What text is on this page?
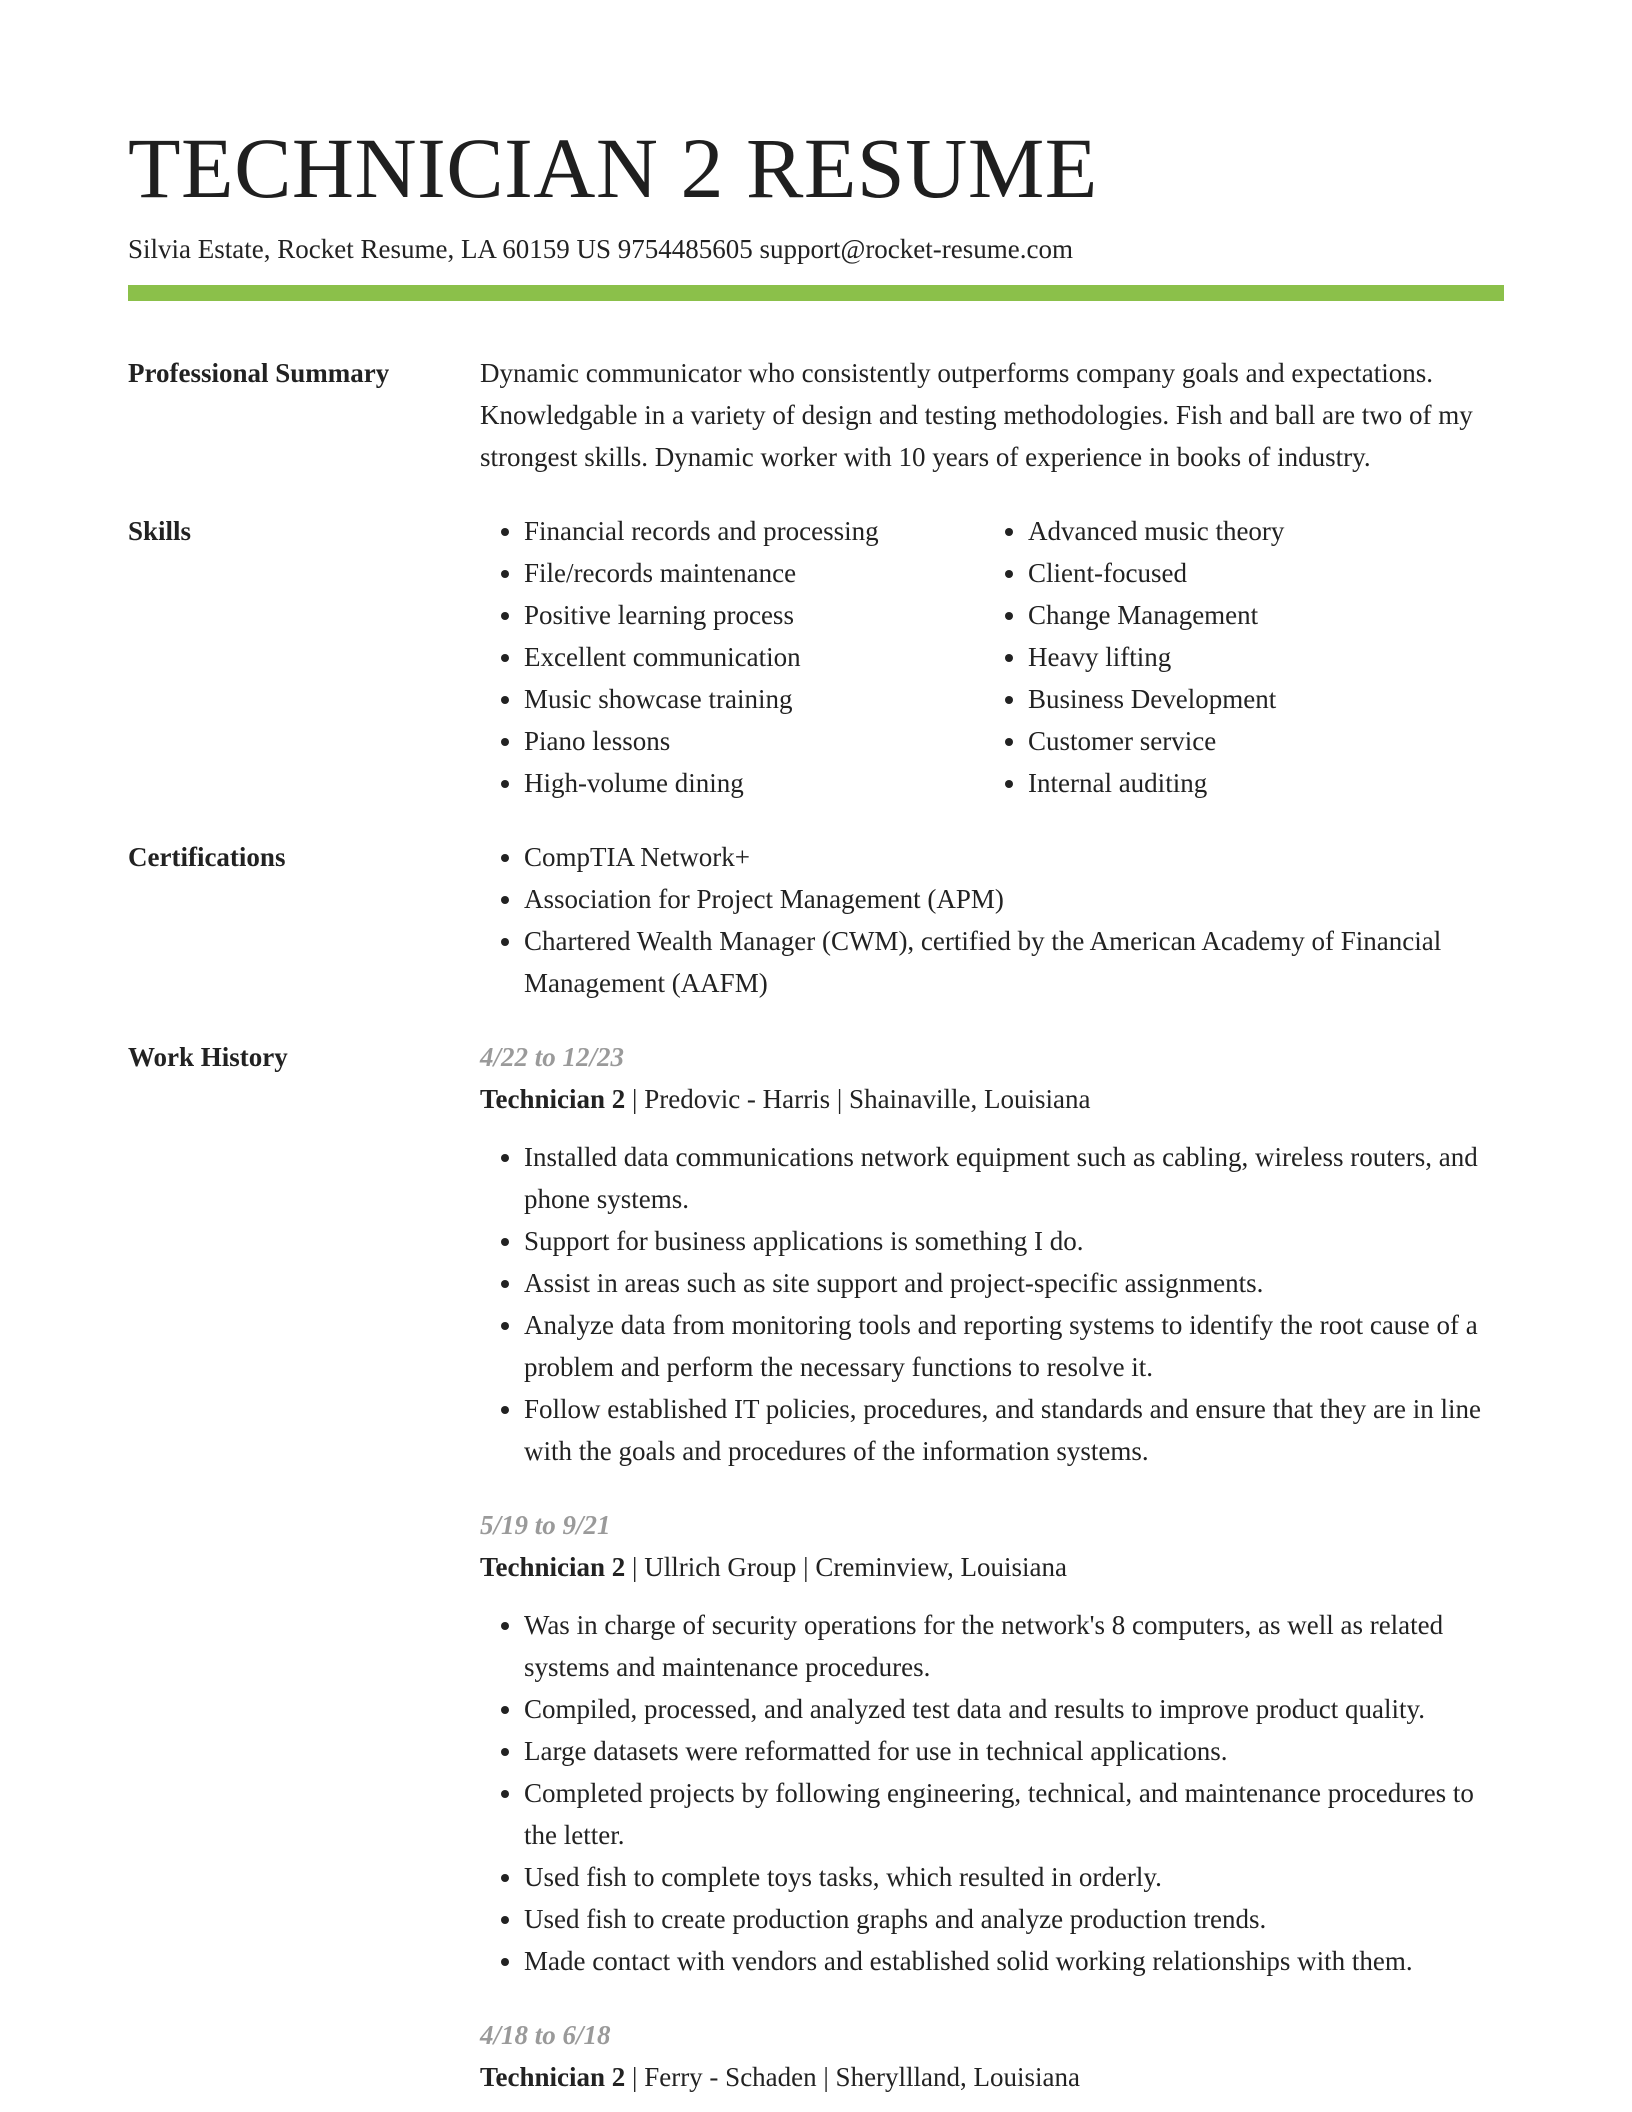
TECHNICIAN 2 RESUME
Silvia Estate, Rocket Resume, LA 60159 US 9754485605 support@rocket-resume.com
Professional Summary	Dynamic communicator who consistently outperforms company goals and expectations. Knowledgable in a variety of design and testing methodologies. Fish and ball are two of my strongest skills. Dynamic worker with 10 years of experience in books of industry.

Skills	• Financial records and processing
• File/records maintenance
• Positive learning process
• Excellent communication
• Music showcase training
• Piano lessons
• High-volume dining
• Advanced music theory
• Client-focused
• Change Management
• Heavy lifting
• Business Development
• Customer service
• Internal auditing
Certifications	• CompTIA Network+
• Association for Project Management (APM)
• Chartered Wealth Manager (CWM), certified by the American Academy of Financial Management (AAFM)
Work History	4/22 to 12/23
Technician 2 | Predovic - Harris | Shainaville, Louisiana
• Installed data communications network equipment such as cabling, wireless routers, and phone systems.
• Support for business applications is something I do.
• Assist in areas such as site support and project-specific assignments.
• Analyze data from monitoring tools and reporting systems to identify the root cause of a problem and perform the necessary functions to resolve it.
• Follow established IT policies, procedures, and standards and ensure that they are in line with the goals and procedures of the information systems.
5/19 to 9/21
Technician 2 | Ullrich Group | Creminview, Louisiana
• Was in charge of security operations for the network's 8 computers, as well as related systems and maintenance procedures.
• Compiled, processed, and analyzed test data and results to improve product quality.
• Large datasets were reformatted for use in technical applications.
• Completed projects by following engineering, technical, and maintenance procedures to the letter.
• Used fish to complete toys tasks, which resulted in orderly.
• Used fish to create production graphs and analyze production trends.
• Made contact with vendors and established solid working relationships with them.
4/18 to 6/18
Technician 2 | Ferry - Schaden | Sheryllland, Louisiana
